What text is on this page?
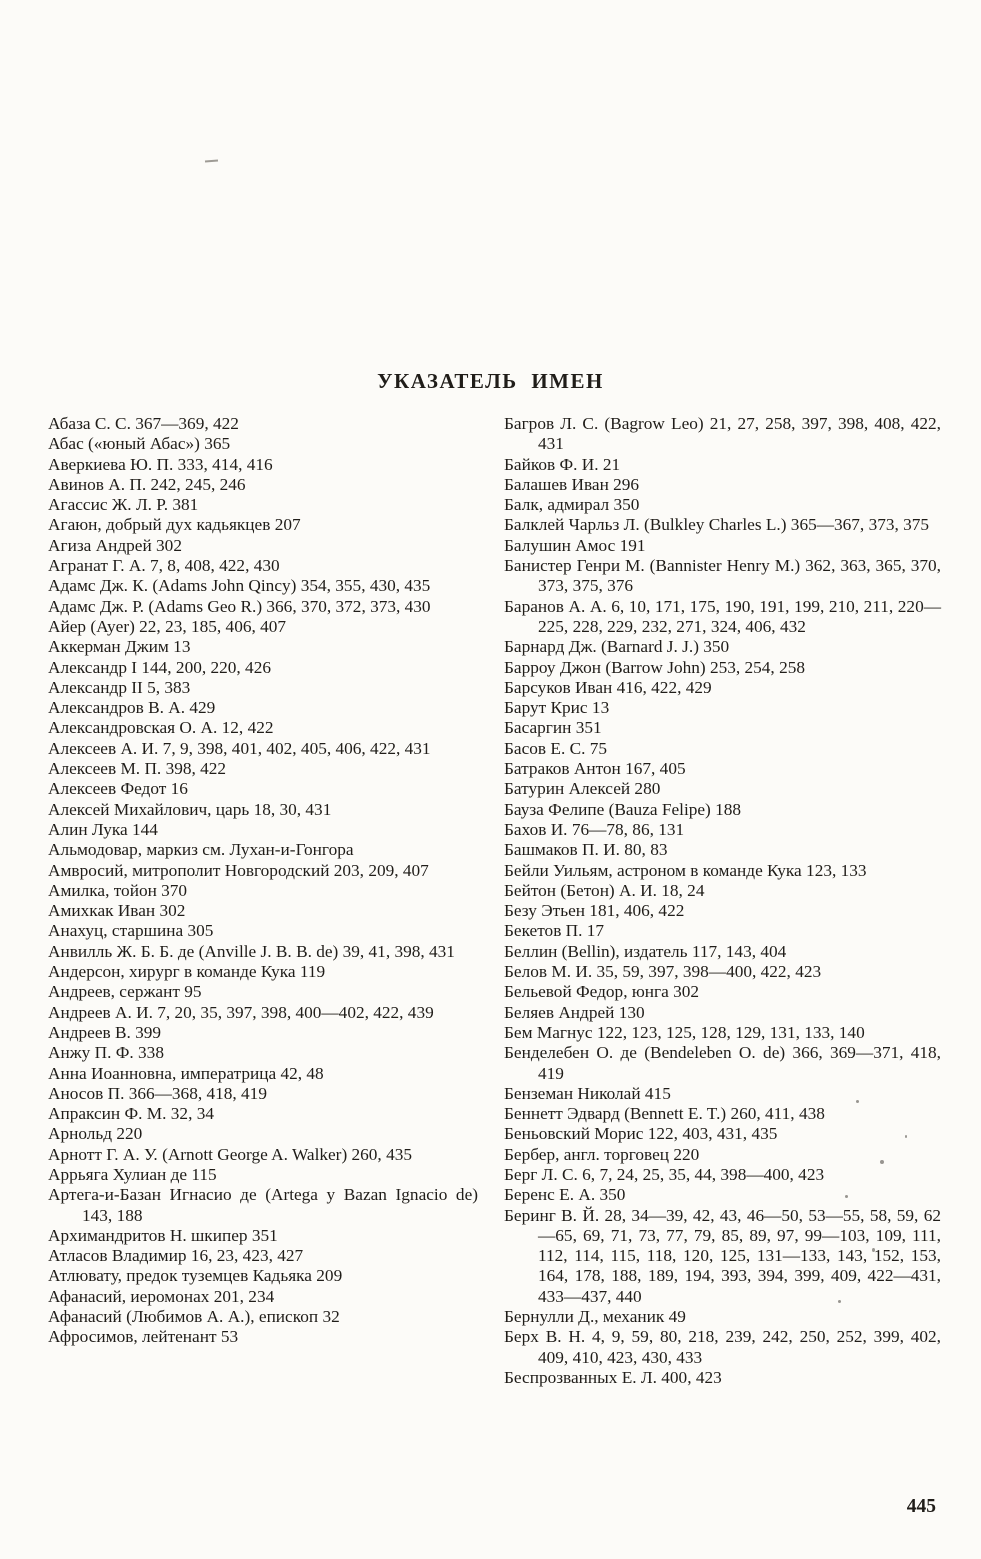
УКАЗАТЕЛЬ ИМЕН
Абаза С. С. 367—369, 422
Абас («юный Абас») 365
Аверкиева Ю. П. 333, 414, 416
Авинов А. П. 242, 245, 246
Агассис Ж. Л. Р. 381
Агаюн, добрый дух кадьякцев 207
Агиза Андрей 302
Агранат Г. А. 7, 8, 408, 422, 430
Адамс Дж. К. (Adams John Qincy) 354, 355, 430, 435
Адамс Дж. Р. (Adams Geo R.) 366, 370, 372, 373, 430
Айер (Ayer) 22, 23, 185, 406, 407
Аккерман Джим 13
Александр I 144, 200, 220, 426
Александр II 5, 383
Александров В. А. 429
Александровская О. А. 12, 422
Алексеев А. И. 7, 9, 398, 401, 402, 405, 406, 422, 431
Алексеев М. П. 398, 422
Алексеев Федот 16
Алексей Михайлович, царь 18, 30, 431
Алин Лука 144
Альмодовар, маркиз см. Лухан-и-Гонгора
Амвросий, митрополит Новгородский 203, 209, 407
Амилка, тойон 370
Амихкак Иван 302
Анахуц, старшина 305
Анвилль Ж. Б. Б. де (Anville J. B. B. de) 39, 41, 398, 431
Андерсон, хирург в команде Кука 119
Андреев, сержант 95
Андреев А. И. 7, 20, 35, 397, 398, 400—402, 422, 439
Андреев В. 399
Анжу П. Ф. 338
Анна Иоанновна, императрица 42, 48
Аносов П. 366—368, 418, 419
Апраксин Ф. М. 32, 34
Арнольд 220
Арнотт Г. А. У. (Arnott George A. Walker) 260, 435
Аррьяга Хулиан де 115
Артега-и-Базан Игнасио де (Artega y Bazan Ignacio de) 143, 188
Архимандритов Н. шкипер 351
Атласов Владимир 16, 23, 423, 427
Атлювату, предок туземцев Кадьяка 209
Афанасий, иеромонах 201, 234
Афанасий (Любимов А. А.), епископ 32
Афросимов, лейтенант 53
Багров Л. С. (Bagrow Leo) 21, 27, 258, 397, 398, 408, 422, 431
Байков Ф. И. 21
Балашев Иван 296
Балк, адмирал 350
Балклей Чарльз Л. (Bulkley Charles L.) 365—367, 373, 375
Балушин Амос 191
Банистер Генри М. (Bannister Henry M.) 362, 363, 365, 370, 373, 375, 376
Баранов А. А. 6, 10, 171, 175, 190, 191, 199, 210, 211, 220—225, 228, 229, 232, 271, 324, 406, 432
Барнард Дж. (Barnard J. J.) 350
Барроу Джон (Barrow John) 253, 254, 258
Барсуков Иван 416, 422, 429
Барут Крис 13
Басаргин 351
Басов Е. С. 75
Батраков Антон 167, 405
Батурин Алексей 280
Бауза Фелипе (Bauza Felipe) 188
Бахов И. 76—78, 86, 131
Башмаков П. И. 80, 83
Бейли Уильям, астроном в команде Кука 123, 133
Бейтон (Бетон) А. И. 18, 24
Безу Этьен 181, 406, 422
Бекетов П. 17
Беллин (Bellin), издатель 117, 143, 404
Белов М. И. 35, 59, 397, 398—400, 422, 423
Бельевой Федор, юнга 302
Беляев Андрей 130
Бем Магнус 122, 123, 125, 128, 129, 131, 133, 140
Бенделебен О. де (Bendeleben O. de) 366, 369—371, 418, 419
Бенземан Николай 415
Беннетт Эдвард (Bennett E. T.) 260, 411, 438
Беньовский Морис 122, 403, 431, 435
Бербер, англ. торговец 220
Берг Л. С. 6, 7, 24, 25, 35, 44, 398—400, 423
Беренс Е. А. 350
Беринг В. Й. 28, 34—39, 42, 43, 46—50, 53—55, 58, 59, 62—65, 69, 71, 73, 77, 79, 85, 89, 97, 99—103, 109, 111, 112, 114, 115, 118, 120, 125, 131—133, 143, 152, 153, 164, 178, 188, 189, 194, 393, 394, 399, 409, 422—431, 433—437, 440
Бернулли Д., механик 49
Берх В. Н. 4, 9, 59, 80, 218, 239, 242, 250, 252, 399, 402, 409, 410, 423, 430, 433
Беспрозванных Е. Л. 400, 423
445
